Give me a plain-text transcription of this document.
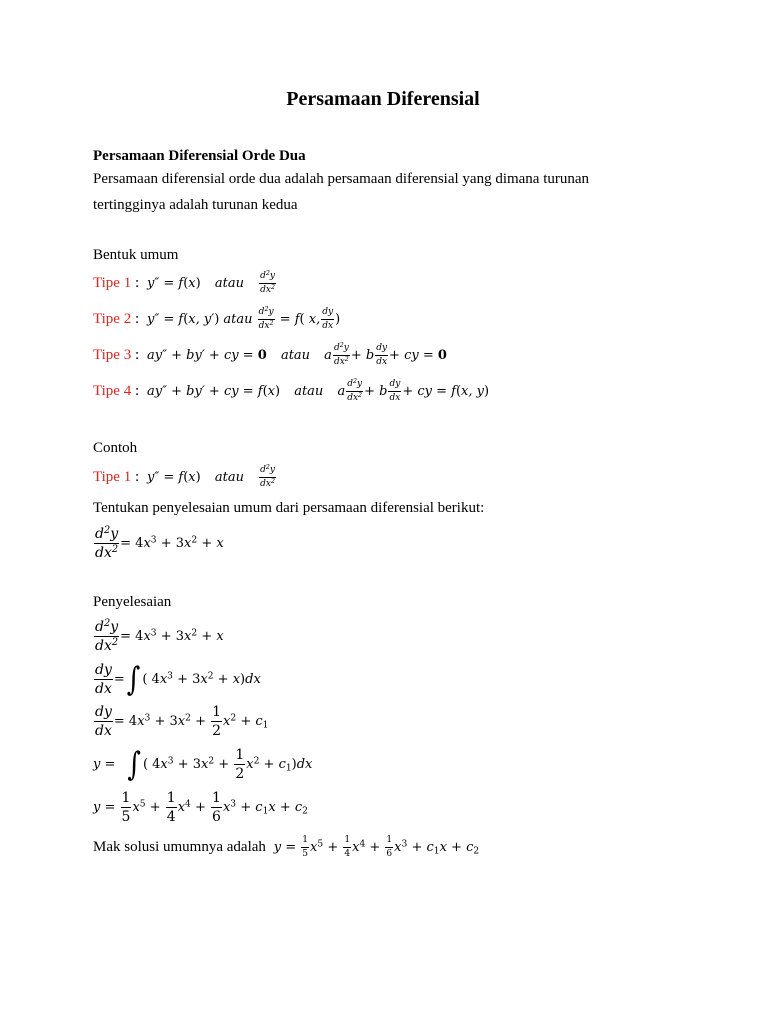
Persamaan Diferensial
Persamaan Diferensial Orde Dua
Persamaan diferensial orde dua adalah persamaan diferensial yang dimana turunan
tertingginya adalah turunan kedua
Bentuk umum
Tipe 1 :  y″ = f(x) atau $\frac{d^2y}{dx^2}$
Tipe 2 :  y″ = f(x, y′) atau $\frac{d^2y}{dx^2} = f$( x, $\frac{dy}{dx}$ )
Tipe 3 :  ay″ + by′ + cy = 0 atau a $\frac{d^2y}{dx^2} + b \frac{dy}{dx}$ + cy = 0
Tipe 4 :  ay″ + by′ + cy = f(x) atau a $\frac{d^2y}{dx^2} + b \frac{dy}{dx}$ + cy = f(x, y)
Contoh
Tipe 1 :  y″ = f(x) atau $\frac{d^2y}{dx^2}$
Tentukan penyelesaian umum dari persamaan diferensial berikut:
$\frac{d^2y}{dx^2} = 4x^3 + 3x^2 + x$
Penyelesaian
$\frac{d^2y}{dx^2} = 4x^3 + 3x^2 + x$
$\frac{dy}{dx}$ =∫ ( $4x^3 + 3x^2 + x)dx$
$\frac{dy}{dx} = 4x^3 + 3x^2 + \frac{1}{2} x^2 + c_1$
y = ∫ ( $4x^3 + 3x^2 + \frac{1}{2} x^2 + c_1)dx$
$y = \frac{1}{5} x^5 + \frac{1}{4} x^4 + \frac{1}{6} x^3 + c_1x + c_2$
Mak solusi umumnya adalah  $y = \frac{1}{5} x^5 + \frac{1}{4} x^4 + \frac{1}{6} x^3 + c_1x + c_2$
